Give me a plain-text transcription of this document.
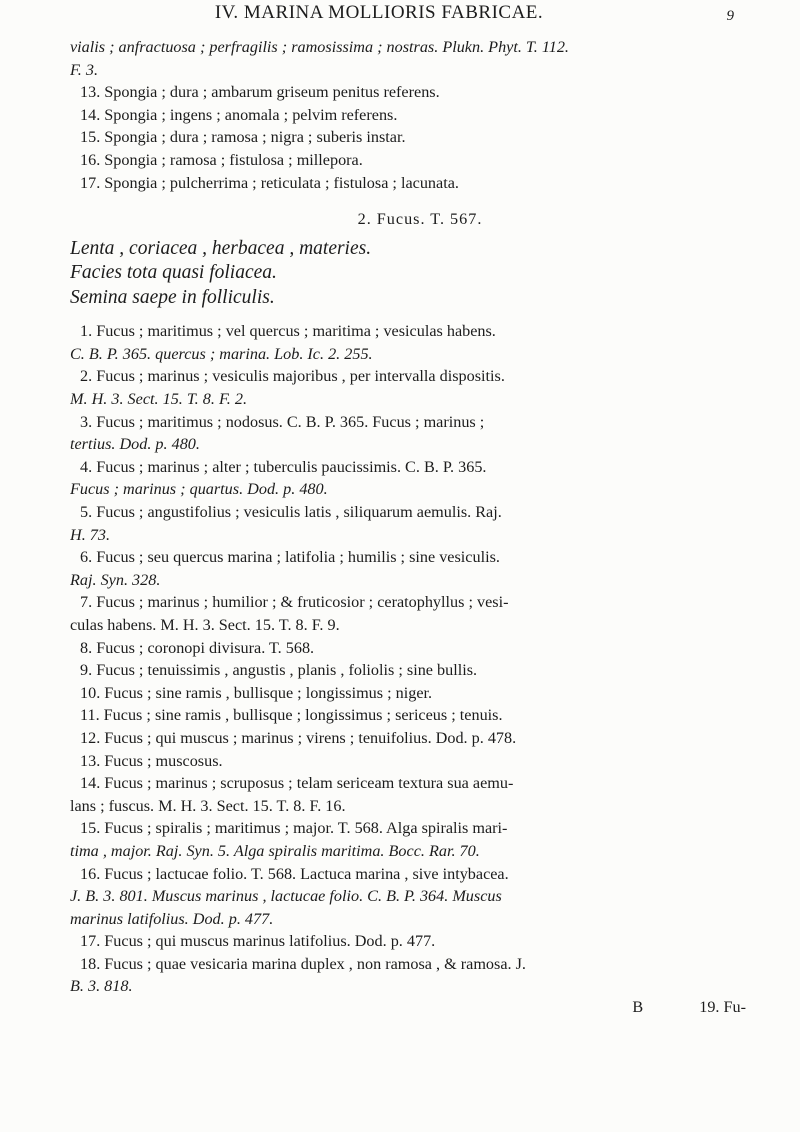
IV. MARINA MOLLIORIS FABRICAE.	9
vialis ; anfractuosa ; perfragilis ; ramosissima ; nostras. Plukn. Phyt. T. 112.
F. 3.
13. Spongia ; dura ; ambarum griseum penitus referens.
14. Spongia ; ingens ; anomala ; pelvim referens.
15. Spongia ; dura ; ramosa ; nigra ; suberis instar.
16. Spongia ; ramosa ; fistulosa ; millepora.
17. Spongia ; pulcherrima ; reticulata ; fistulosa ; lacunata.
2. Fucus. T. 567.
Lenta , coriacea , herbacea , materies.
Facies tota quasi foliacea.
Semina saepe in folliculis.
1. Fucus ; maritimus ; vel quercus ; maritima ; vesiculas habens.
C. B. P. 365. quercus ; marina. Lob. Ic. 2. 255.
2. Fucus ; marinus ; vesiculis majoribus , per intervalla dispositis.
M. H. 3. Sect. 15. T. 8. F. 2.
3. Fucus ; maritimus ; nodosus. C. B. P. 365. Fucus ; marinus ;
tertius. Dod. p. 480.
4. Fucus ; marinus ; alter ; tuberculis paucissimis. C. B. P. 365.
Fucus ; marinus ; quartus. Dod. p. 480.
5. Fucus ; angustifolius ; vesiculis latis , siliquarum aemulis. Raj.
H. 73.
6. Fucus ; seu quercus marina ; latifolia ; humilis ; sine vesiculis.
Raj. Syn. 328.
7. Fucus ; marinus ; humilior ; & fruticosior ; ceratophyllus ; vesi-
culas habens. M. H. 3. Sect. 15. T. 8. F. 9.
8. Fucus ; coronopi divisura. T. 568.
9. Fucus ; tenuissimis , angustis , planis , foliolis ; sine bullis.
10. Fucus ; sine ramis , bullisque ; longissimus ; niger.
11. Fucus ; sine ramis , bullisque ; longissimus ; sericeus ; tenuis.
12. Fucus ; qui muscus ; marinus ; virens ; tenuifolius. Dod. p. 478.
13. Fucus ; muscosus.
14. Fucus ; marinus ; scruposus ; telam sericeam textura sua aemu-
lans ; fuscus. M. H. 3. Sect. 15. T. 8. F. 16.
15. Fucus ; spiralis ; maritimus ; major. T. 568. Alga spiralis mari-
tima , major. Raj. Syn. 5. Alga spiralis maritima. Bocc. Rar. 70.
16. Fucus ; lactucae folio. T. 568. Lactuca marina , sive intybacea.
J. B. 3. 801. Muscus marinus , lactucae folio. C. B. P. 364. Muscus
marinus latifolius. Dod. p. 477.
17. Fucus ; qui muscus marinus latifolius. Dod. p. 477.
18. Fucus ; quae vesicaria marina duplex , non ramosa , & ramosa. J.
B. 3. 818.
B	19. Fu-
